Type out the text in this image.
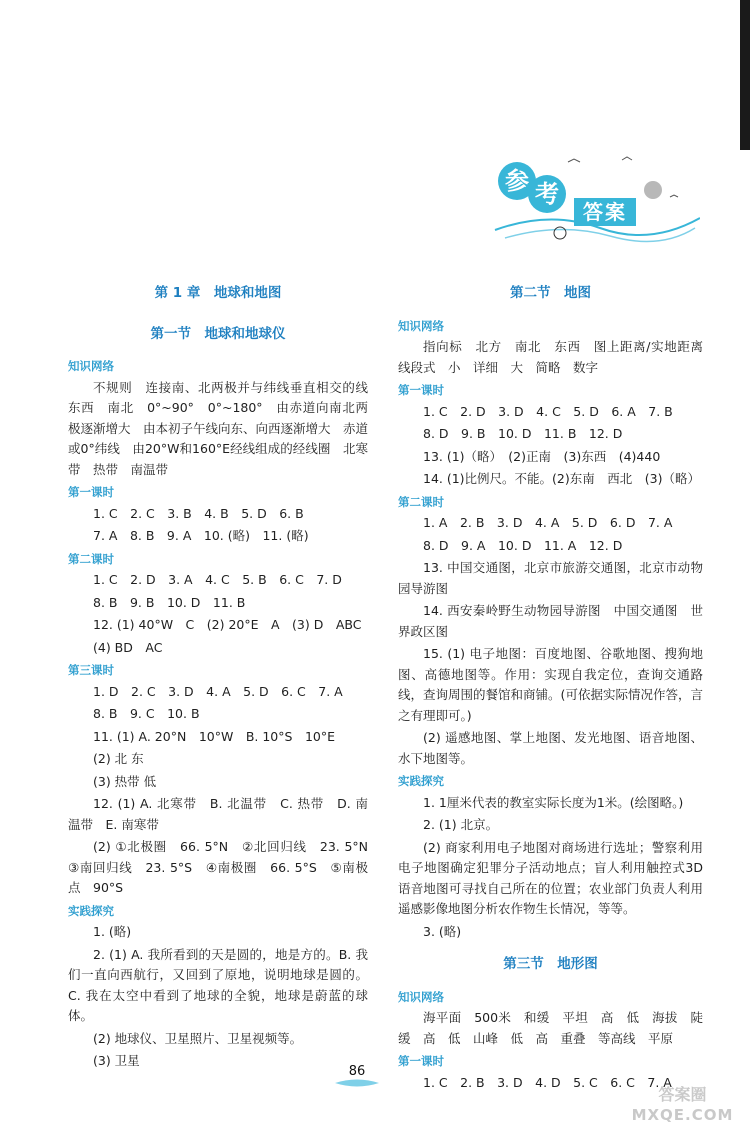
参 考
答案
第 1 章　地球和地图
第一节　地球和地球仪
知识网络
不规则　连接南、北两极并与纬线垂直相交的线　东西　南北　0°~90°　0°~180°　由赤道向南北两极逐渐增大　由本初子午线向东、向西逐渐增大　赤道或0°纬线　由20°W和160°E经线组成的经线圈　北寒带　热带　南温带
第一课时
1. C　2. C　3. B　4. B　5. D　6. B
7. A　8. B　9. A　10. (略)　11. (略)
第二课时
1. C　2. D　3. A　4. C　5. B　6. C　7. D
8. B　9. B　10. D　11. B
12. (1) 40°W　C　(2) 20°E　A　(3) D　ABC
(4) BD　AC
第三课时
1. D　2. C　3. D　4. A　5. D　6. C　7. A
8. B　9. C　10. B
11. (1) A. 20°N　10°W　B. 10°S　10°E
(2) 北 东
(3) 热带 低
12. (1) A. 北寒带　B. 北温带　C. 热带　D. 南温带　E. 南寒带
(2) ①北极圈　66. 5°N　②北回归线　23. 5°N　③南回归线　23. 5°S　④南极圈　66. 5°S　⑤南极点　90°S
实践探究
1. (略)
2. (1) A. 我所看到的天是圆的，地是方的。B. 我们一直向西航行，又回到了原地，说明地球是圆的。C. 我在太空中看到了地球的全貌，地球是蔚蓝的球体。
(2) 地球仪、卫星照片、卫星视频等。
(3) 卫星
第二节　地图
知识网络
指向标　北方　南北　东西　图上距离/实地距离　线段式　小　详细　大　简略　数字
第一课时
1. C　2. D　3. D　4. C　5. D　6. A　7. B
8. D　9. B　10. D　11. B　12. D
13. (1)（略）　(2)正南　(3)东西　(4)440
14. (1)比例尺。不能。(2)东南　西北　(3)（略）
第二课时
1. A　2. B　3. D　4. A　5. D　6. D　7. A
8. D　9. A　10. D　11. A　12. D
13. 中国交通图，北京市旅游交通图，北京市动物园导游图
14. 西安秦岭野生动物园导游图　中国交通图　世界政区图
15. (1) 电子地图：百度地图、谷歌地图、搜狗地图、高德地图等。作用：实现自我定位，查询交通路线，查询周围的餐馆和商铺。(可依据实际情况作答，言之有理即可。)
(2) 遥感地图、掌上地图、发光地图、语音地图、水下地图等。
实践探究
1. 1厘米代表的教室实际长度为1米。(绘图略。)
2. (1) 北京。
(2) 商家利用电子地图对商场进行选址；警察利用电子地图确定犯罪分子活动地点；盲人利用触控式3D语音地图可寻找自己所在的位置；农业部门负责人利用遥感影像地图分析农作物生长情况，等等。
3. (略)
第三节　地形图
知识网络
海平面　500米　和缓　平坦　高　低　海拔　陡　缓　高　低　山峰　低　高　重叠　等高线　平原
第一课时
1. C　2. B　3. D　4. D　5. C　6. C　7. A
86
答案圈
MXQE.COM
